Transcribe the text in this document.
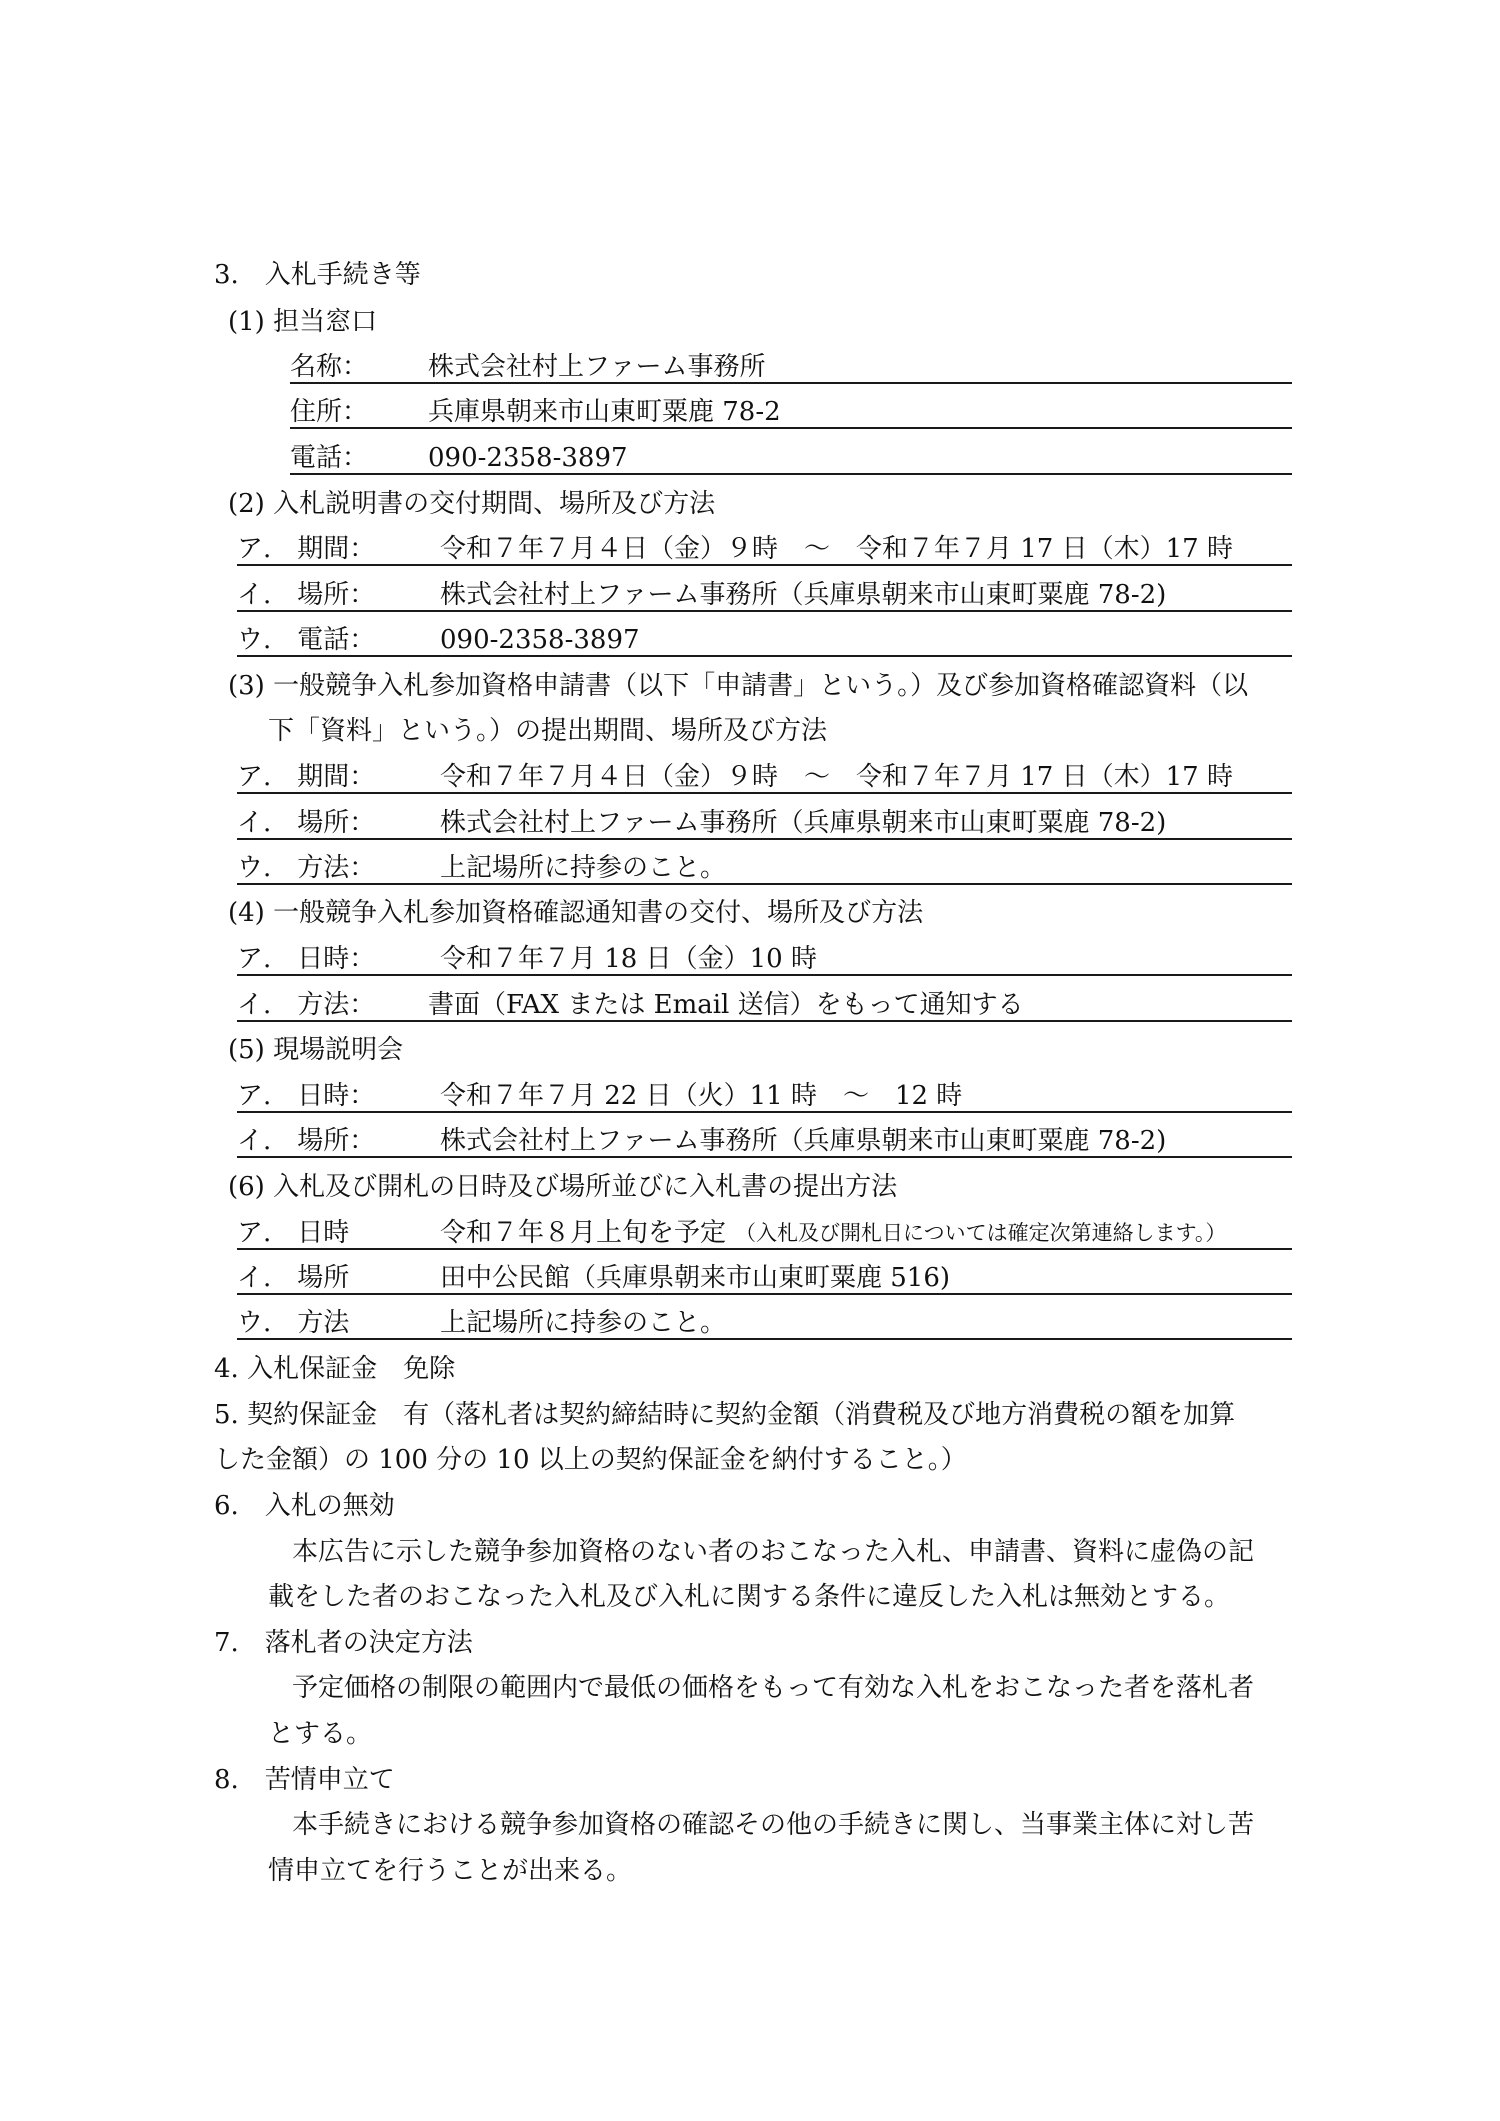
3.　入札手続き等
(1) 担当窓口
名称： 株式会社村上ファーム事務所
住所： 兵庫県朝来市山東町粟鹿 78-2
電話： 090-2358-3897
(2) 入札説明書の交付期間、場所及び方法
ア.　期間： 令和７年７月４日（金）９時　～　令和７年７月 17 日（木）17 時
イ.　場所： 株式会社村上ファーム事務所（兵庫県朝来市山東町粟鹿 78-2)
ウ.　電話： 090-2358-3897
(3) 一般競争入札参加資格申請書（以下「申請書」という。）及び参加資格確認資料（以
下「資料」という。）の提出期間、場所及び方法
ア.　期間： 令和７年７月４日（金）９時　～　令和７年７月 17 日（木）17 時
イ.　場所： 株式会社村上ファーム事務所（兵庫県朝来市山東町粟鹿 78-2)
ウ.　方法： 上記場所に持参のこと。
(4) 一般競争入札参加資格確認通知書の交付、場所及び方法
ア.　日時： 令和７年７月 18 日（金）10 時
イ.　方法： 書面（FAX または Email 送信）をもって通知する
(5) 現場説明会
ア.　日時： 令和７年７月 22 日（火）11 時　～　12 時
イ.　場所： 株式会社村上ファーム事務所（兵庫県朝来市山東町粟鹿 78-2)
(6) 入札及び開札の日時及び場所並びに入札書の提出方法
ア.　日時	令和７年８月上旬を予定 （入札及び開札日については確定次第連絡します。）
イ.　場所	田中公民館（兵庫県朝来市山東町粟鹿 516)
ウ.　方法	上記場所に持参のこと。
4. 入札保証金　免除
5. 契約保証金　有（落札者は契約締結時に契約金額（消費税及び地方消費税の額を加算
した金額）の 100 分の 10 以上の契約保証金を納付すること。）
6.　入札の無効
本広告に示した競争参加資格のない者のおこなった入札、申請書、資料に虚偽の記
載をした者のおこなった入札及び入札に関する条件に違反した入札は無効とする。
7.　落札者の決定方法
予定価格の制限の範囲内で最低の価格をもって有効な入札をおこなった者を落札者
とする。
8.　苦情申立て
本手続きにおける競争参加資格の確認その他の手続きに関し、当事業主体に対し苦
情申立てを行うことが出来る。
